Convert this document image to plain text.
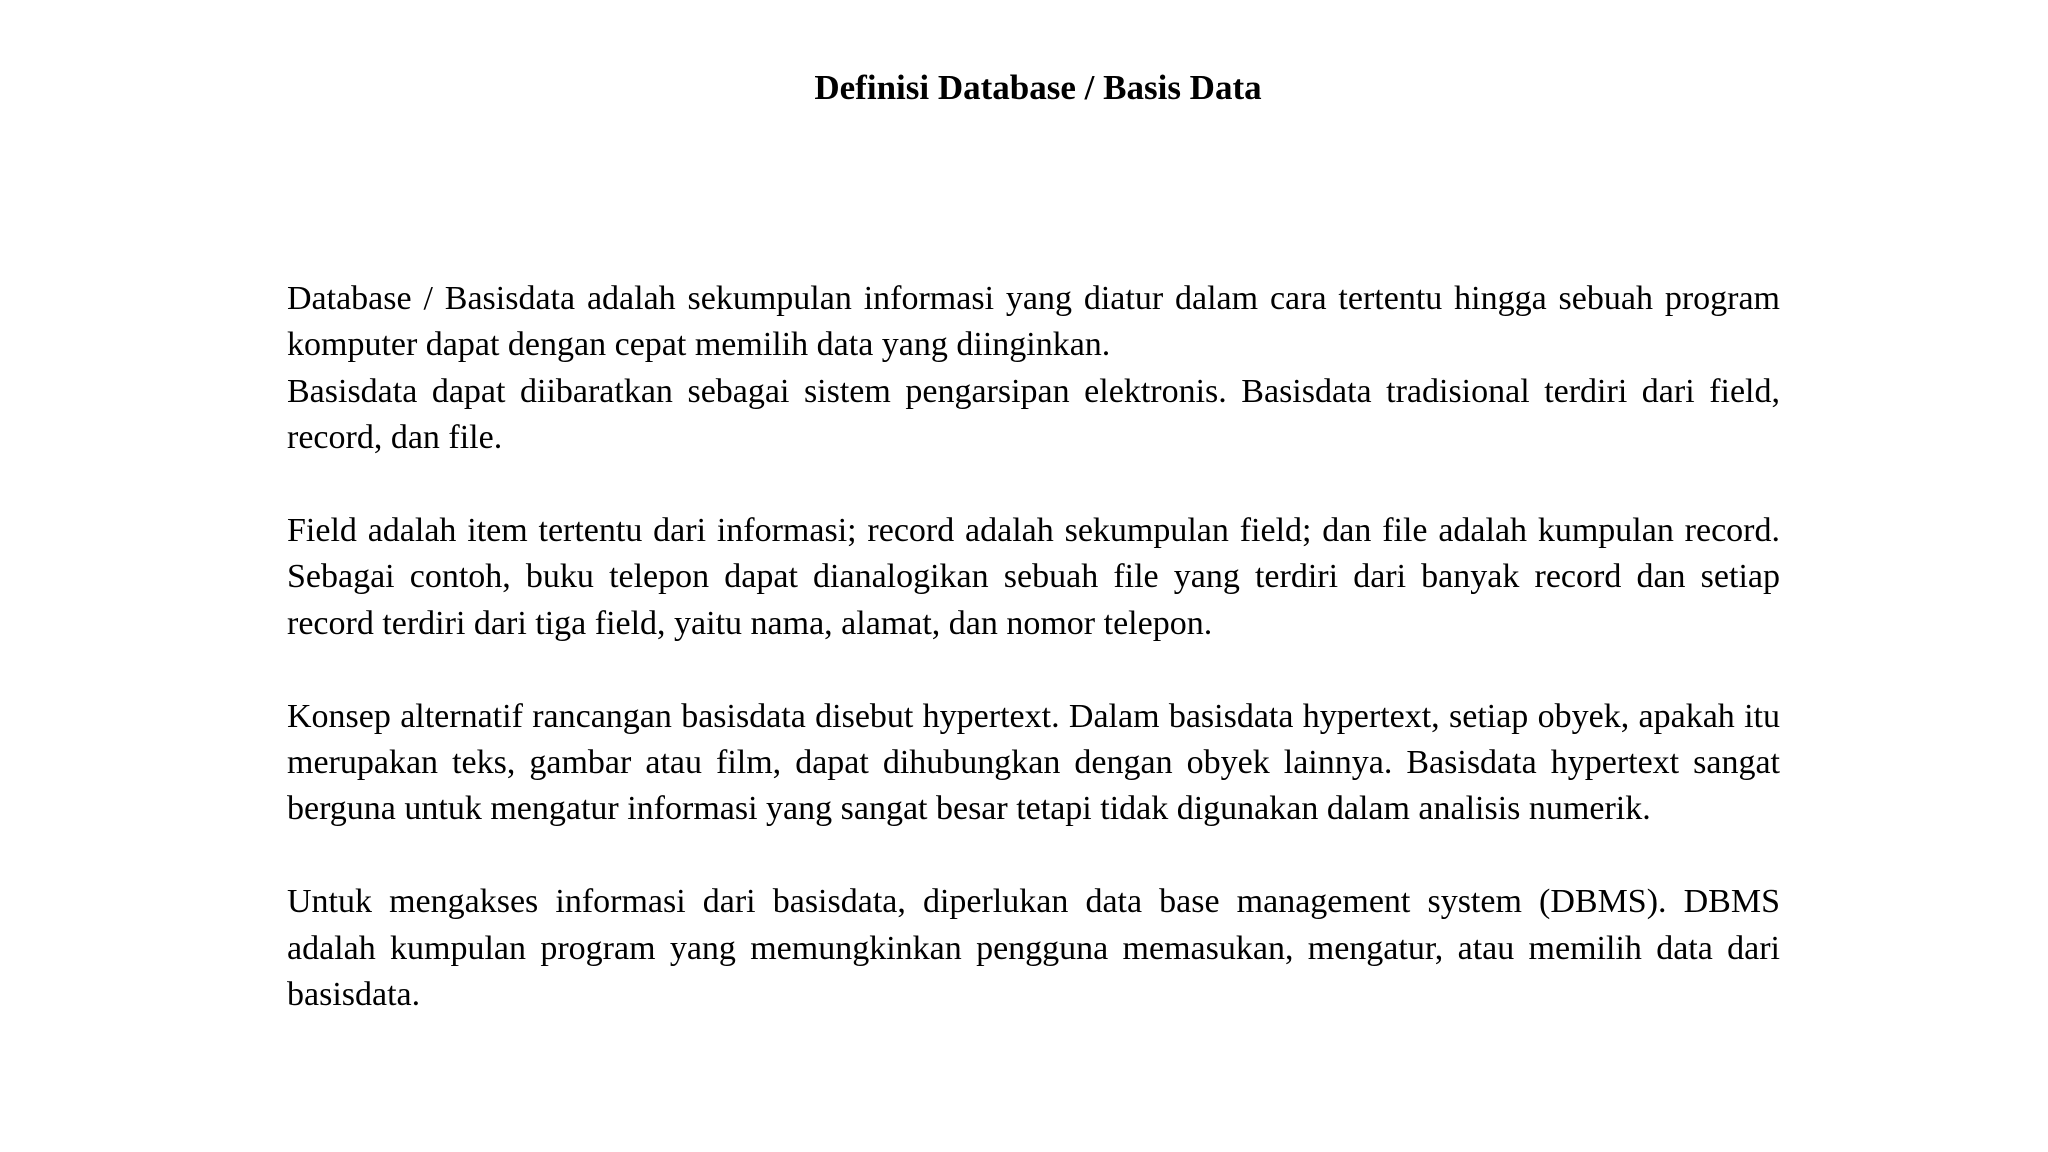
Definisi Database / Basis Data

Database / Basisdata adalah sekumpulan informasi yang diatur dalam cara tertentu hingga sebuah program komputer dapat dengan cepat memilih data yang diinginkan.

Basisdata dapat diibaratkan sebagai sistem pengarsipan elektronis. Basisdata tradisional terdiri dari field, record, dan file.

Field adalah item tertentu dari informasi; record adalah sekumpulan field; dan file adalah kumpulan record. Sebagai contoh, buku telepon dapat dianalogikan sebuah file yang terdiri dari banyak record dan setiap record terdiri dari tiga field, yaitu nama, alamat, dan nomor telepon.

Konsep alternatif rancangan basisdata disebut hypertext. Dalam basisdata hypertext, setiap obyek, apakah itu merupakan teks, gambar atau film, dapat dihubungkan dengan obyek lainnya. Basisdata hypertext sangat berguna untuk mengatur informasi yang sangat besar tetapi tidak digunakan dalam analisis numerik.

Untuk mengakses informasi dari basisdata, diperlukan data base management system (DBMS). DBMS adalah kumpulan program yang memungkinkan pengguna memasukan, mengatur, atau memilih data dari basisdata.
